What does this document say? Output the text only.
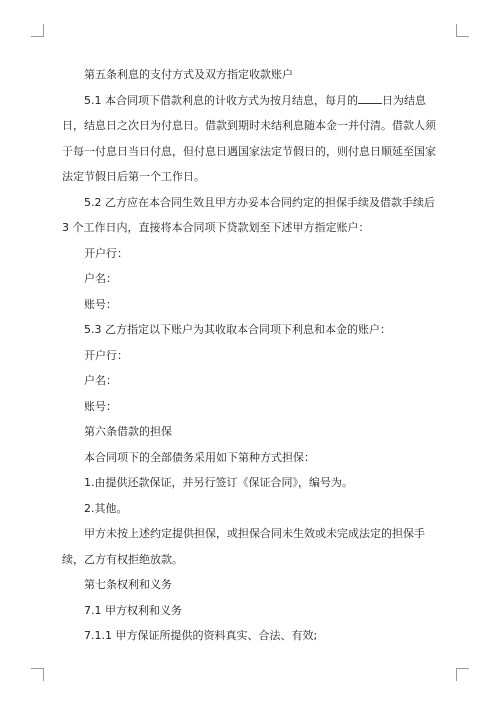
第五条利息的支付方式及双方指定收款账户

5.1 本合同项下借款利息的计收方式为按月结息，每月的 日为结息日，结息日之次日为付息日。借款到期时未结利息随本金一并付清。借款人须于每一付息日当日付息，但付息日遇国家法定节假日的，则付息日顺延至国家法定节假日后第一个工作日。

5.2 乙方应在本合同生效且甲方办妥本合同约定的担保手续及借款手续后 3 个工作日内，直接将本合同项下贷款划至下述甲方指定账户：

开户行：

户名：

账号：

5.3 乙方指定以下账户为其收取本合同项下利息和本金的账户：

开户行：

户名：

账号：

第六条借款的担保

本合同项下的全部债务采用如下第种方式担保：

1.由提供还款保证，并另行签订《保证合同》，编号为。

2.其他。

甲方未按上述约定提供担保，或担保合同未生效或未完成法定的担保手续，乙方有权拒绝放款。

第七条权利和义务

7.1 甲方权利和义务

7.1.1 甲方保证所提供的资料真实、合法、有效;
